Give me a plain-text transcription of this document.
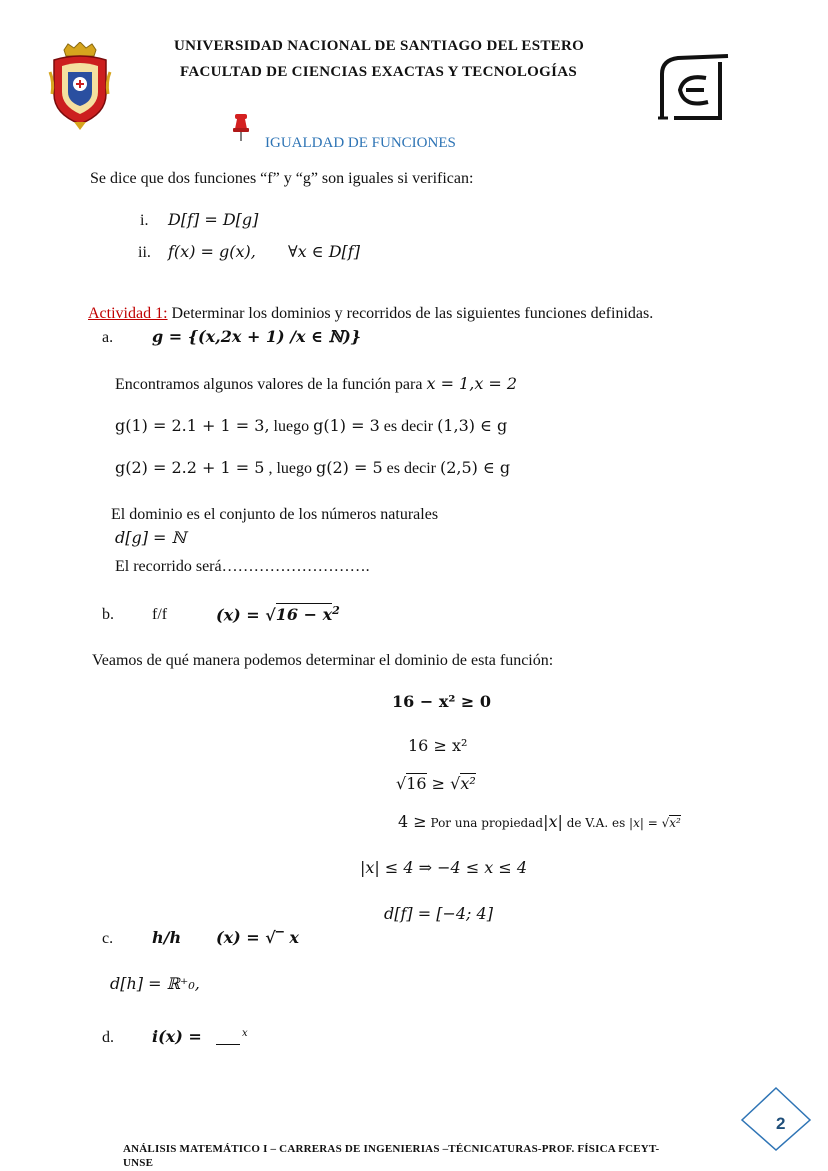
UNIVERSIDAD NACIONAL DE SANTIAGO DEL ESTERO
FACULTAD DE CIENCIAS EXACTAS Y TECNOLOGÍAS
IGUALDAD DE FUNCIONES
Se dice que dos funciones “f” y “g” son iguales si verifican:
i. D[f] = D[g]
ii. f(x) = g(x), ∀x ∈ D[f]
Actividad 1: Determinar los dominios y recorridos de las siguientes funciones definidas.
a. g = {(x,2x + 1) /x ∈ ℕ)}
Encontramos algunos valores de la función para x = 1,x = 2
g(1) = 2.1 + 1 = 3, luego g(1) = 3 es decir (1,3) ∈ g
g(2) = 2.2 + 1 = 5 , luego g(2) = 5 es decir (2,5) ∈ g
El dominio es el conjunto de los números naturales
d[g] = ℕ
El recorrido será……………………….
b. f/f	$(x) = √16 - x^2$
Veamos de qué manera podemos determinar el dominio de esta función:
16 − x² ≥ 0
16 ≥ x²
√16 ≥ √x²
4 ≥ Por una propiedad|x| de V.A. es |x| = √x²
|x| ≤ 4 ⇒ −4 ≤ x ≤ 4
d[f] = [−4; 4]
c. h/h (x) = √‾ x
d[h] = ℝ⁺₀,
d. i(x) =	x
2
ANÁLISIS MATEMÁTICO I – CARRERAS DE INGENIERIAS –TÉCNICATURAS-PROF. FÍSICA FCEYT-
UNSE
